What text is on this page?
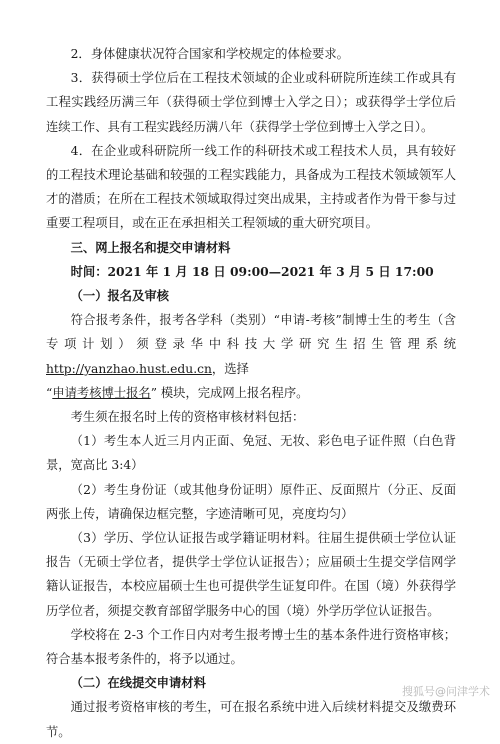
2．身体健康状况符合国家和学校规定的体检要求。

3．获得硕士学位后在工程技术领域的企业或科研院所连续工作或具有工程实践经历满三年（获得硕士学位到博士入学之日）；或获得学士学位后连续工作、具有工程实践经历满八年（获得学士学位到博士入学之日）。

4．在企业或科研院所一线工作的科研技术或工程技术人员，具有较好的工程技术理论基础和较强的工程实践能力，具备成为工程技术领域领军人才的潜质；在所在工程技术领域取得过突出成果，主持或者作为骨干参与过重要工程项目，或在正在承担相关工程领域的重大研究项目。

三、网上报名和提交申请材料

时间：2021 年 1 月 18 日 09:00—2021 年 3 月 5 日 17:00

（一）报名及审核

符合报考条件，报考各学科（类别）“申请-考核”制博士生的考生（含专项计划）须登录华中科技大学研究生招生管理系统 http://yanzhao.hust.edu.cn，选择
“申请考核博士报名” 模块，完成网上报名程序。

考生须在报名时上传的资格审核材料包括：

（1）考生本人近三月内正面、免冠、无妆、彩色电子证件照（白色背景，宽高比 3:4）

（2）考生身份证（或其他身份证明）原件正、反面照片（分正、反面两张上传，请确保边框完整，字迹清晰可见，亮度均匀）

（3）学历、学位认证报告或学籍证明材料。往届生提供硕士学位认证报告（无硕士学位者，提供学士学位认证报告）；应届硕士生提交学信网学籍认证报告，本校应届硕士生也可提供学生证复印件。在国（境）外获得学历学位者，须提交教育部留学服务中心的国（境）外学历学位认证报告。

学校将在 2-3 个工作日内对考生报考博士生的基本条件进行资格审核；符合基本报考条件的，将予以通过。

（二）在线提交申请材料

通过报考资格审核的考生，可在报名系统中进入后续材料提交及缴费环节。

搜狐号@问津学术
